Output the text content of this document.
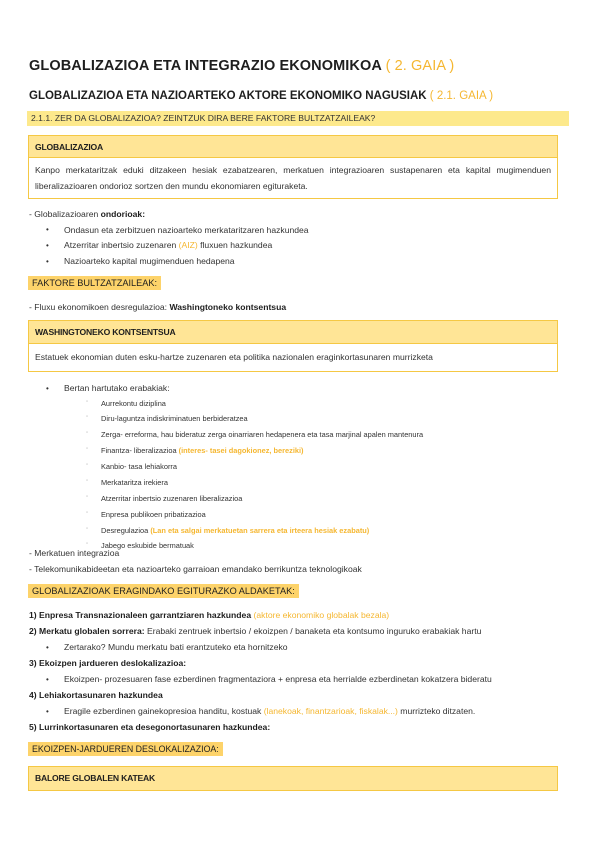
GLOBALIZAZIOA ETA INTEGRAZIO EKONOMIKOA ( 2. GAIA )
GLOBALIZAZIOA ETA NAZIOARTEKO AKTORE EKONOMIKO NAGUSIAK ( 2.1. GAIA )
2.1.1. ZER DA GLOBALIZAZIOA? ZEINTZUK DIRA BERE FAKTORE BULTZATZAILEAK?
GLOBALIZAZIOA
Kanpo merkataritzak eduki ditzakeen hesiak ezabatzearen, merkatuen integrazioaren sustapenaren eta kapital mugimenduen liberalizazioaren ondorioz sortzen den mundu ekonomiaren egituraketa.
- Globalizazioaren ondorioak:
• Ondasun eta zerbitzuen nazioarteko merkataritzaren hazkundea
• Atzerritar inbertsio zuzenaren (AIZ) fluxuen hazkundea
• Nazioarteko kapital mugimenduen hedapena
FAKTORE BULTZATZAILEAK:
- Fluxu ekonomikoen desregulazioa: Washingtoneko kontsentsua
WASHINGTONEKO KONTSENTSUA
Estatuek ekonomian duten esku-hartze zuzenaren eta politika nazionalen eraginkortasunaren murrizketa
• Bertan hartutako erabakiak:
▫ Aurrekontu diziplina
▫ Diru-laguntza indiskriminatuen berbideratzea
▫ Zerga- erreforma, hau bideratuz zerga oinarriaren hedapenera eta tasa marjinal apalen mantenura
▫ Finantza- liberalizazioa (interes- tasei dagokionez, bereziki)
▫ Kanbio- tasa lehiakorra
▫ Merkataritza irekiera
▫ Atzerritar inbertsio zuzenaren liberalizazioa
▫ Enpresa publikoen pribatizazioa
▫ Desregulazioa (Lan eta salgai merkatuetan sarrera eta irteera hesiak ezabatu)
▫ Jabego eskubide bermatuak
- Merkatuen integrazioa
- Telekomunikabideetan eta nazioarteko garraioan emandako berrikuntza teknologikoak
GLOBALIZAZIOAK ERAGINDAKO EGITURAZKO ALDAKETAK:
1) Enpresa Transnazionaleen garrantziaren hazkundea (aktore ekonomiko globalak bezala)
2) Merkatu globalen sorrera: Erabaki zentruek inbertsio / ekoizpen / banaketa eta kontsumo inguruko erabakiak hartu
• Zertarako? Mundu merkatu bati erantzuteko eta hornitzeko
3) Ekoizpen jardueren deslokalizazioa:
• Ekoizpen- prozesuaren fase ezberdinen fragmentaziora + enpresa eta herrialde ezberdinetan kokatzera bideratu
4) Lehiakortasunaren hazkundea
• Eragile ezberdinen gainekopresioa handitu, kostuak (lanekoak, finantzarioak, fiskalak...) murrizteko ditzaten.
5) Lurrinkortasunaren eta desegonortasunaren hazkundea:
EKOIZPEN-JARDUEREN DESLOKALIZAZIOA:
BALORE GLOBALEN KATEAK
